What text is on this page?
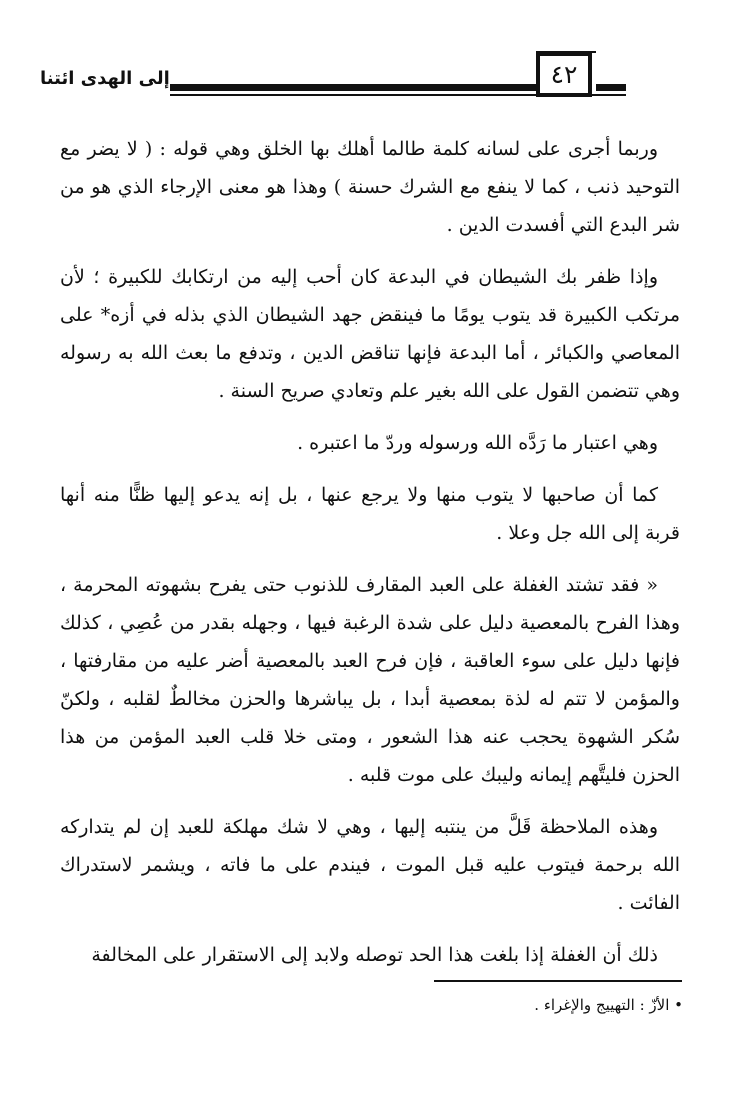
٤٢
إلى الهدى ائتنا

وربما أجرى على لسانه كلمة طالما أهلك بها الخلق وهي قوله : ( لا يضر مع التوحيد ذنب ، كما لا ينفع مع الشرك حسنة ) وهذا هو معنى الإرجاء الذي هو من شر البدع التي أفسدت الدين .

وإذا ظفر بك الشيطان في البدعة كان أحب إليه من ارتكابك للكبيرة ؛ لأن مرتكب الكبيرة قد يتوب يومًا ما فينقض جهد الشيطان الذي بذله في أزه* على المعاصي والكبائر ، أما البدعة فإنها تناقض الدين ، وتدفع ما بعث الله به رسوله وهي تتضمن القول على الله بغير علم وتعادي صريح السنة .

وهي اعتبار ما رَدَّه الله ورسوله وردّ ما اعتبره .

كما أن صاحبها لا يتوب منها ولا يرجع عنها ، بل إنه يدعو إليها ظنًّا منه أنها قربة إلى الله جل وعلا .

« فقد تشتد الغفلة على العبد المقارف للذنوب حتى يفرح بشهوته المحرمة ، وهذا الفرح بالمعصية دليل على شدة الرغبة فيها ، وجهله بقدر من عُصِي ، كذلك فإنها دليل على سوء العاقبة ، فإن فرح العبد بالمعصية أضر عليه من مقارفتها ، والمؤمن لا تتم له لذة بمعصية أبدا ، بل يباشرها والحزن مخالطٌ لقلبه ، ولكنّ سُكر الشهوة يحجب عنه هذا الشعور ، ومتى خلا قلب العبد المؤمن من هذا الحزن فليتَّهم إيمانه وليبك على موت قلبه .

وهذه الملاحظة قَلَّ من ينتبه إليها ، وهي لا شك مهلكة للعبد إن لم يتداركه الله برحمة فيتوب عليه قبل الموت ، فيندم على ما فاته ، ويشمر لاستدراك الفائت .

ذلك أن الغفلة إذا بلغت هذا الحد توصله ولابد إلى الاستقرار على المخالفة

• الأزّ : التهييج والإغراء .
